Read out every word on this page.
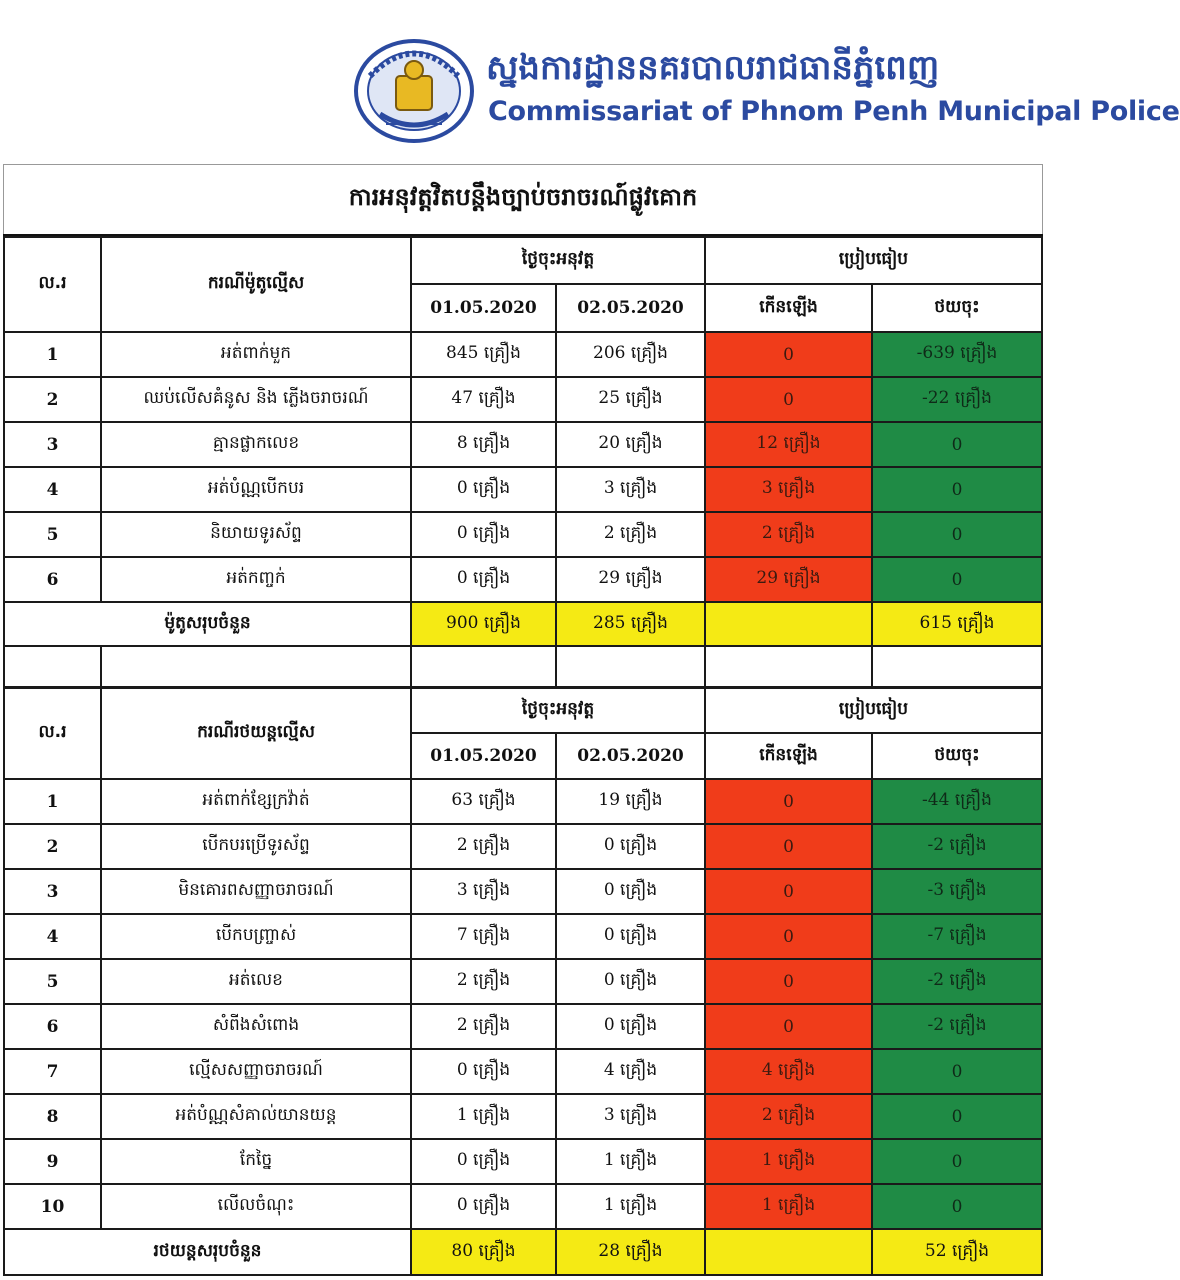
ស្នងការដ្ឋាននគរបាលរាជធានីភ្នំពេញ
Commissariat of Phnom Penh Municipal Police
ការអនុវត្តវិតបន្តឹងច្បាប់ចរាចរណ៍ផ្លូវគោក
ល.រ	ករណីម៉ូតូល្មើស	ថ្ងៃចុះអនុវត្ត		ប្រៀបធៀប	
		01.05.2020	02.05.2020	កើនឡើង	ថយចុះ
1	អត់ពាក់មួក	845 គ្រឿង	206 គ្រឿង	0	-639 គ្រឿង
2	ឈប់លើសគំនូស និង ភ្លើងចរាចរណ៍	47 គ្រឿង	25 គ្រឿង	0	-22 គ្រឿង
3	គ្មានផ្លាកលេខ	8 គ្រឿង	20 គ្រឿង	12 គ្រឿង	0
4	អត់បំណ្ណបើកបរ	0 គ្រឿង	3 គ្រឿង	3 គ្រឿង	0
5	និយាយទូរស័ព្ទ	0 គ្រឿង	2 គ្រឿង	2 គ្រឿង	0
6	អត់កញ្ចក់	0 គ្រឿង	29 គ្រឿង	29 គ្រឿង	0
ម៉ូតូសរុបចំនួន		900 គ្រឿង	285 គ្រឿង		615 គ្រឿង

ល.រ	ករណីរថយន្តល្មើស	ថ្ងៃចុះអនុវត្ត		ប្រៀបធៀប	
		01.05.2020	02.05.2020	កើនឡើង	ថយចុះ
1	អត់ពាក់ខ្សែក្រវ៉ាត់	63 គ្រឿង	19 គ្រឿង	0	-44 គ្រឿង
2	បើកបរប្រើទូរស័ព្ទ	2 គ្រឿង	0 គ្រឿង	0	-2 គ្រឿង
3	មិនគោរពសញ្ញាចរាចរណ៍	3 គ្រឿង	0 គ្រឿង	0	-3 គ្រឿង
4	បើកបញ្ច្រាស់	7 គ្រឿង	0 គ្រឿង	0	-7 គ្រឿង
5	អត់លេខ	2 គ្រឿង	0 គ្រឿង	0	-2 គ្រឿង
6	សំពីងសំពោង	2 គ្រឿង	0 គ្រឿង	0	-2 គ្រឿង
7	ល្មើសសញ្ញាចរាចរណ៍	0 គ្រឿង	4 គ្រឿង	4 គ្រឿង	0
8	អត់បំណ្ណសំគាល់យានយន្ត	1 គ្រឿង	3 គ្រឿង	2 គ្រឿង	0
9	កែច្នៃ	0 គ្រឿង	1 គ្រឿង	1 គ្រឿង	0
10	លើលចំណុះ	0 គ្រឿង	1 គ្រឿង	1 គ្រឿង	0
រថយន្តសរុបចំនួន		80 គ្រឿង	28 គ្រឿង		52 គ្រឿង
